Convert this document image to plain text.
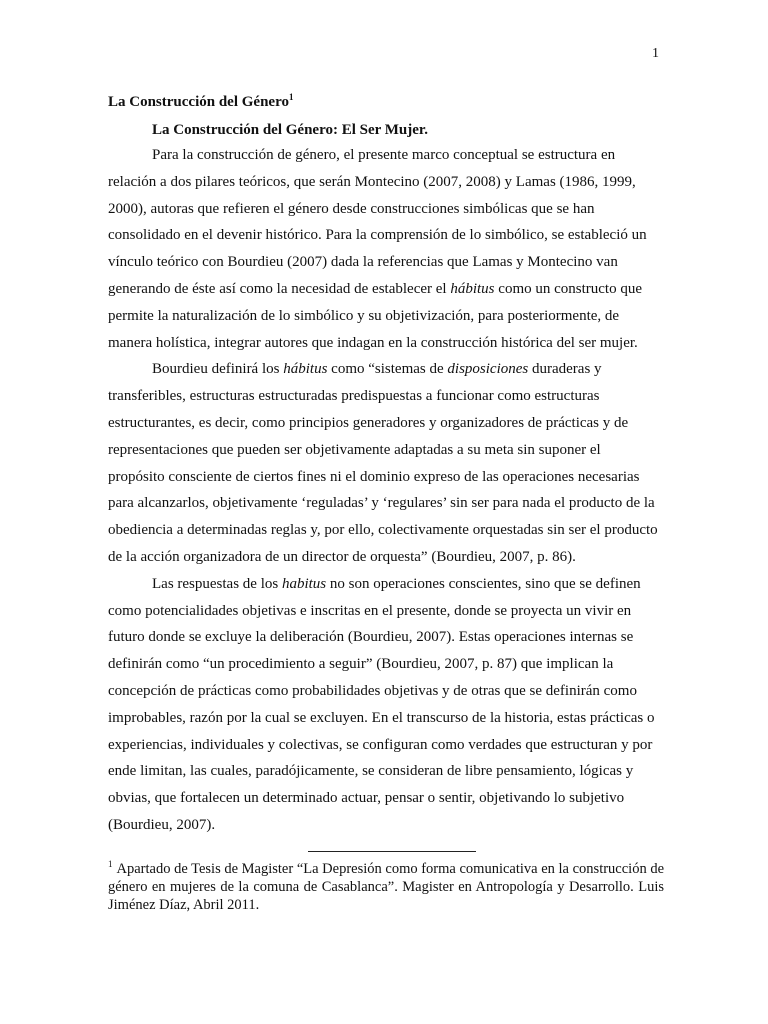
1

La Construcción del Género$^1$

La Construcción del Género: El Ser Mujer.

Para la construcción de género, el presente marco conceptual se estructura en relación a dos pilares teóricos, que serán Montecino (2007, 2008) y Lamas (1986, 1999, 2000), autoras que refieren el género desde construcciones simbólicas que se han consolidado en el devenir histórico. Para la comprensión de lo simbólico, se estableció un vínculo teórico con Bourdieu (2007) dada la referencias que Lamas y Montecino van generando de éste así como la necesidad de establecer el hábitus como un constructo que permite la naturalización de lo simbólico y su objetivización, para posteriormente, de manera holística, integrar autores que indagan en la construcción histórica del ser mujer.

Bourdieu definirá los hábitus como “sistemas de disposiciones duraderas y transferibles, estructuras estructuradas predispuestas a funcionar como estructuras estructurantes, es decir, como principios generadores y organizadores de prácticas y de representaciones que pueden ser objetivamente adaptadas a su meta sin suponer el propósito consciente de ciertos fines ni el dominio expreso de las operaciones necesarias para alcanzarlos, objetivamente ‘reguladas’ y ‘regulares’ sin ser para nada el producto de la obediencia a determinadas reglas y, por ello, colectivamente orquestadas sin ser el producto de la acción organizadora de un director de orquesta” (Bourdieu, 2007, p. 86).

Las respuestas de los habitus no son operaciones conscientes, sino que se definen como potencialidades objetivas e inscritas en el presente, donde se proyecta un vivir en futuro donde se excluye la deliberación (Bourdieu, 2007). Estas operaciones internas se definirán como “un procedimiento a seguir” (Bourdieu, 2007, p. 87) que implican la concepción de prácticas como probabilidades objetivas y de otras que se definirán como improbables, razón por la cual se excluyen. En el transcurso de la historia, estas prácticas o experiencias, individuales y colectivas, se configuran como verdades que estructuran y por ende limitan, las cuales, paradójicamente, se consideran de libre pensamiento, lógicas y obvias, que fortalecen un determinado actuar, pensar o sentir, objetivando lo subjetivo (Bourdieu, 2007).

$^1$ Apartado de Tesis de Magister “La Depresión como forma comunicativa en la construcción de género en mujeres de la comuna de Casablanca”. Magister en Antropología y Desarrollo. Luis Jiménez Díaz, Abril 2011.
